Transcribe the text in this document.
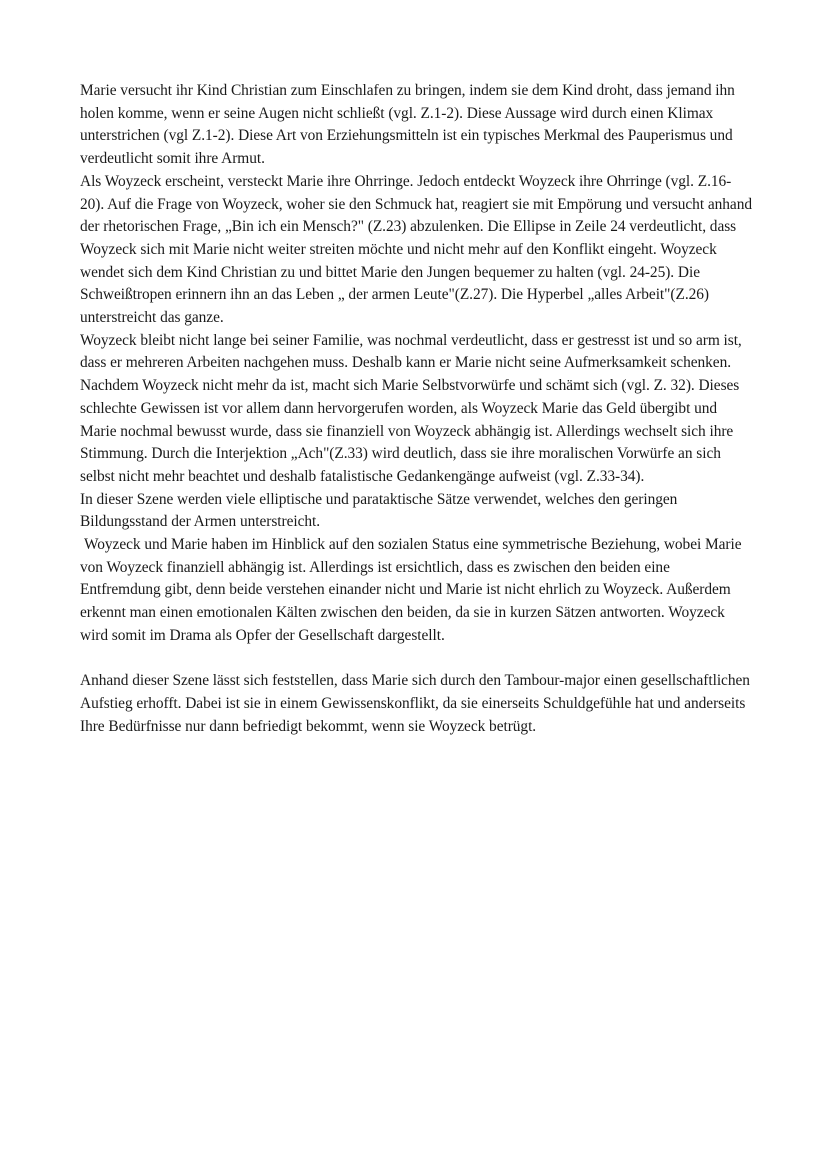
Marie versucht ihr Kind Christian zum Einschlafen zu bringen, indem sie dem Kind droht, dass jemand ihn holen komme, wenn er seine Augen nicht schließt (vgl. Z.1-2). Diese Aussage wird durch einen Klimax unterstrichen (vgl Z.1-2). Diese Art von Erziehungsmitteln ist ein typisches Merkmal des Pauperismus und verdeutlicht somit ihre Armut.

Als Woyzeck erscheint, versteckt Marie ihre Ohrringe. Jedoch entdeckt Woyzeck ihre Ohrringe (vgl. Z.16-20). Auf die Frage von Woyzeck, woher sie den Schmuck hat, reagiert sie mit Empörung und versucht anhand der rhetorischen Frage, „Bin ich ein Mensch?" (Z.23) abzulenken. Die Ellipse in Zeile 24 verdeutlicht, dass Woyzeck sich mit Marie nicht weiter streiten möchte und nicht mehr auf den Konflikt eingeht. Woyzeck wendet sich dem Kind Christian zu und bittet Marie den Jungen bequemer zu halten (vgl. 24-25). Die Schweißtropen erinnern ihn an das Leben „ der armen Leute"(Z.27). Die Hyperbel „alles Arbeit"(Z.26) unterstreicht das ganze.

Woyzeck bleibt nicht lange bei seiner Familie, was nochmal verdeutlicht, dass er gestresst ist und so arm ist, dass er mehreren Arbeiten nachgehen muss. Deshalb kann er Marie nicht seine Aufmerksamkeit schenken. Nachdem Woyzeck nicht mehr da ist, macht sich Marie Selbstvorwürfe und schämt sich (vgl. Z. 32). Dieses schlechte Gewissen ist vor allem dann hervorgerufen worden, als Woyzeck Marie das Geld übergibt und Marie nochmal bewusst wurde, dass sie finanziell von Woyzeck abhängig ist. Allerdings wechselt sich ihre Stimmung. Durch die Interjektion „Ach"(Z.33) wird deutlich, dass sie ihre moralischen Vorwürfe an sich selbst nicht mehr beachtet und deshalb fatalistische Gedankengänge aufweist (vgl. Z.33-34).

In dieser Szene werden viele elliptische und parataktische Sätze verwendet, welches den geringen Bildungsstand der Armen unterstreicht.

Woyzeck und Marie haben im Hinblick auf den sozialen Status eine symmetrische Beziehung, wobei Marie von Woyzeck finanziell abhängig ist. Allerdings ist ersichtlich, dass es zwischen den beiden eine Entfremdung gibt, denn beide verstehen einander nicht und Marie ist nicht ehrlich zu Woyzeck. Außerdem erkennt man einen emotionalen Kälten zwischen den beiden, da sie in kurzen Sätzen antworten. Woyzeck wird somit im Drama als Opfer der Gesellschaft dargestellt.

Anhand dieser Szene lässt sich feststellen, dass Marie sich durch den Tambour-major einen gesellschaftlichen Aufstieg erhofft. Dabei ist sie in einem Gewissenskonflikt, da sie einerseits Schuldgefühle hat und anderseits Ihre Bedürfnisse nur dann befriedigt bekommt, wenn sie Woyzeck betrügt.
